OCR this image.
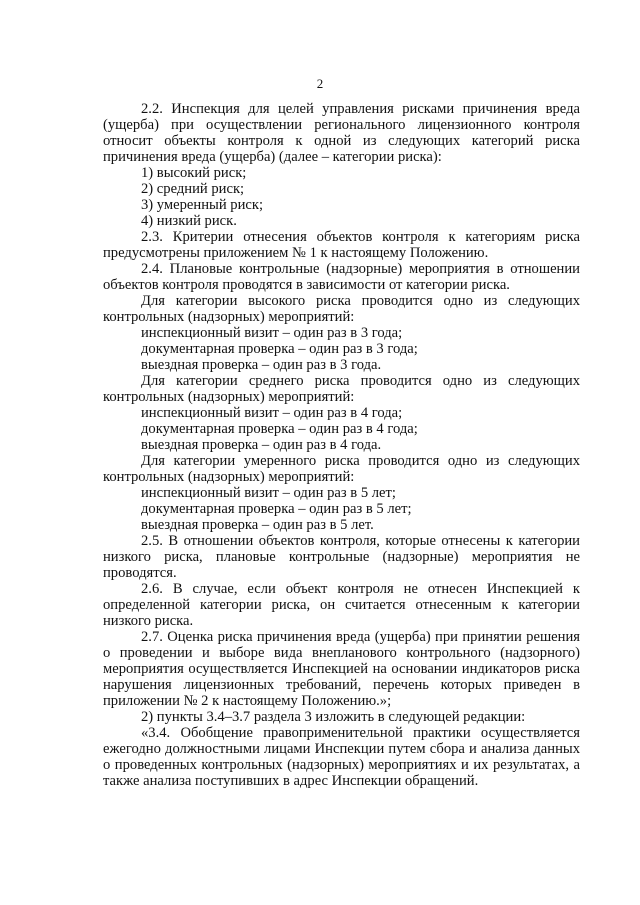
2

2.2. Инспекция для целей управления рисками причинения вреда (ущерба) при осуществлении регионального лицензионного контроля относит объекты контроля к одной из следующих категорий риска причинения вреда (ущерба) (далее – категории риска):

1) высокий риск;

2) средний риск;

3) умеренный риск;

4) низкий риск.

2.3. Критерии отнесения объектов контроля к категориям риска предусмотрены приложением № 1 к настоящему Положению.

2.4. Плановые контрольные (надзорные) мероприятия в отношении объектов контроля проводятся в зависимости от категории риска.

Для категории высокого риска проводится одно из следующих контрольных (надзорных) мероприятий:

инспекционный визит – один раз в 3 года;

документарная проверка – один раз в 3 года;

выездная проверка – один раз в 3 года.

Для категории среднего риска проводится одно из следующих контрольных (надзорных) мероприятий:

инспекционный визит – один раз в 4 года;

документарная проверка – один раз в 4 года;

выездная проверка – один раз в 4 года.

Для категории умеренного риска проводится одно из следующих контрольных (надзорных) мероприятий:

инспекционный визит – один раз в 5 лет;

документарная проверка – один раз в 5 лет;

выездная проверка – один раз в 5 лет.

2.5. В отношении объектов контроля, которые отнесены к категории низкого риска, плановые контрольные (надзорные) мероприятия не проводятся.

2.6. В случае, если объект контроля не отнесен Инспекцией к определенной категории риска, он считается отнесенным к категории низкого риска.

2.7. Оценка риска причинения вреда (ущерба) при принятии решения о проведении и выборе вида внепланового контрольного (надзорного) мероприятия осуществляется Инспекцией на основании индикаторов риска нарушения лицензионных требований, перечень которых приведен в приложении № 2 к настоящему Положению.»;

2) пункты 3.4–3.7 раздела 3 изложить в следующей редакции:

«3.4. Обобщение правоприменительной практики осуществляется ежегодно должностными лицами Инспекции путем сбора и анализа данных о проведенных контрольных (надзорных) мероприятиях и их результатах, а также анализа поступивших в адрес Инспекции обращений.
